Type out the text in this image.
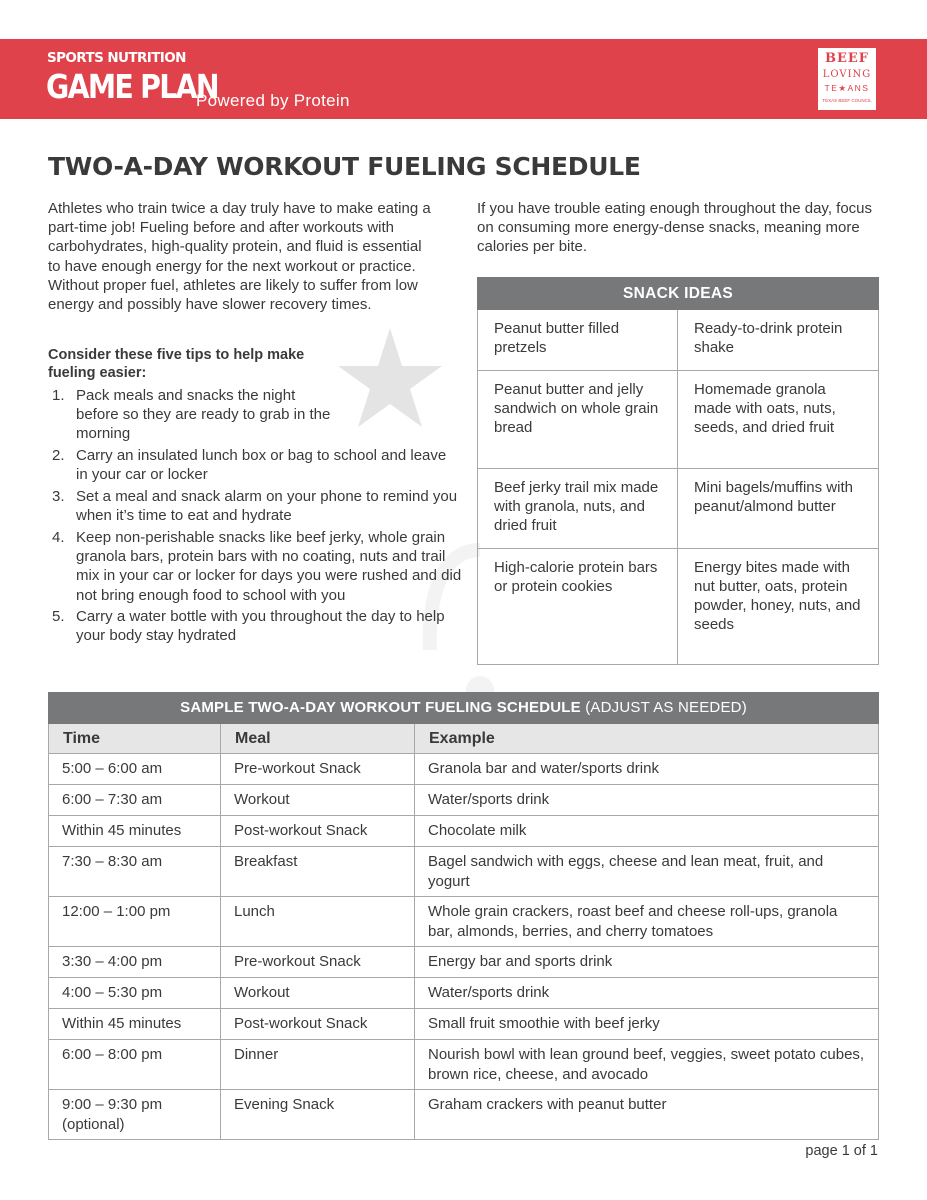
SPORTS NUTRITION
GAME PLAN
Powered by Protein
BEEF
LOVING
TE★ANS
TEXAS BEEF COUNCIL
TWO-A-DAY WORKOUT FUELING SCHEDULE

Athletes who train twice a day truly have to make eating a part-time job! Fueling before and after workouts with carbohydrates, high-quality protein, and fluid is essential to have enough energy for the next workout or practice. Without proper fuel, athletes are likely to suffer from low energy and possibly have slower recovery times.

Consider these five tips to help make fueling easier:

1. Pack meals and snacks the night before so they are ready to grab in the morning
2. Carry an insulated lunch box or bag to school and leave in your car or locker
3. Set a meal and snack alarm on your phone to remind you when it’s time to eat and hydrate
4. Keep non-perishable snacks like beef jerky, whole grain granola bars, protein bars with no coating, nuts and trail mix in your car or locker for days you were rushed and did not bring enough food to school with you
5. Carry a water bottle with you throughout the day to help your body stay hydrated

If you have trouble eating enough throughout the day, focus on consuming more energy-dense snacks, meaning more calories per bite.

SNACK IDEAS	
Peanut butter filled pretzels	Ready-to-drink protein shake
Peanut butter and jelly sandwich on whole grain bread	Homemade granola made with oats, nuts, seeds, and dried fruit
Beef jerky trail mix made with granola, nuts, and dried fruit	Mini bagels/muffins with peanut/almond butter
High-calorie protein bars or protein cookies	Energy bites made with nut butter, oats, protein powder, honey, nuts, and seeds
SAMPLE TWO-A-DAY WORKOUT FUELING SCHEDULE (ADJUST AS NEEDED)		
Time	Meal	Example
5:00 – 6:00 am	Pre-workout Snack	Granola bar and water/sports drink
6:00 – 7:30 am	Workout	Water/sports drink
Within 45 minutes	Post-workout Snack	Chocolate milk
7:30 – 8:30 am	Breakfast	Bagel sandwich with eggs, cheese and lean meat, fruit, and yogurt
12:00 – 1:00 pm	Lunch	Whole grain crackers, roast beef and cheese roll-ups, granola bar, almonds, berries, and cherry tomatoes
3:30 – 4:00 pm	Pre-workout Snack	Energy bar and sports drink
4:00 – 5:30 pm	Workout	Water/sports drink
Within 45 minutes	Post-workout Snack	Small fruit smoothie with beef jerky
6:00 – 8:00 pm	Dinner	Nourish bowl with lean ground beef, veggies, sweet potato cubes, brown rice, cheese, and avocado

9:00 – 9:30 pm (optional)	Evening Snack	Graham crackers with peanut butter
page 1 of 1
